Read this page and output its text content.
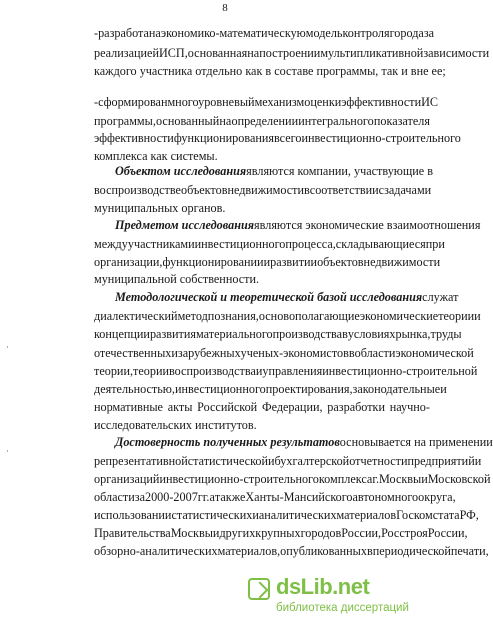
8
- разработана экономико-математическую модель контроля города за
реализацией ИСП, основанная на построении мультипликативной зависимости
каждого участника отдельно как в составе программы, так и вне ее;
- сформирован многоуровневый механизм оценки эффективности ИС
программы, основанный на определении интегрального показателя
эффективности функционирования всего инвестиционно-строительного
комплекса как системы.
Объектом исследования являются компании, участвующие в
воспроизводстве объектов недвижимости в соответствии с задачами
муниципальных органов.
Предметом исследования являются экономические взаимоотношения
между участниками инвестиционного процесса, складывающиеся при
организации, функционировании и развитии объектов недвижимости
муниципальной собственности.
Методологической и теоретической базой исследования служат
диалектический метод познания, основополагающие экономические теории и
концепции развития материального производства в условиях рынка, труды
отечественных и зарубежных ученых-экономистов в области экономической
теории, теории воспроизводства и управления инвестиционно-строительной
деятельностью, инвестиционного проектирования, законодательные и
нормативные акты Российской Федерации, разработки научно-
исследовательских институтов.
Достоверность полученных результатов основывается на применении
репрезентативной статистической и бухгалтерской отчетности предприятий и
организаций инвестиционно-строительного комплекса г. Москвы и Московской
области за 2000-2007 гг. а также Ханты-Мансийского автономного округа,
использовании статистических и аналитических материалов Госкомстата РФ,
Правительства Москвы и других крупных городов России, Росстроя России,
обзорно-аналитических материалов, опубликованных в периодической печати,
·
·
dsLib.net
библиотека диссертаций
